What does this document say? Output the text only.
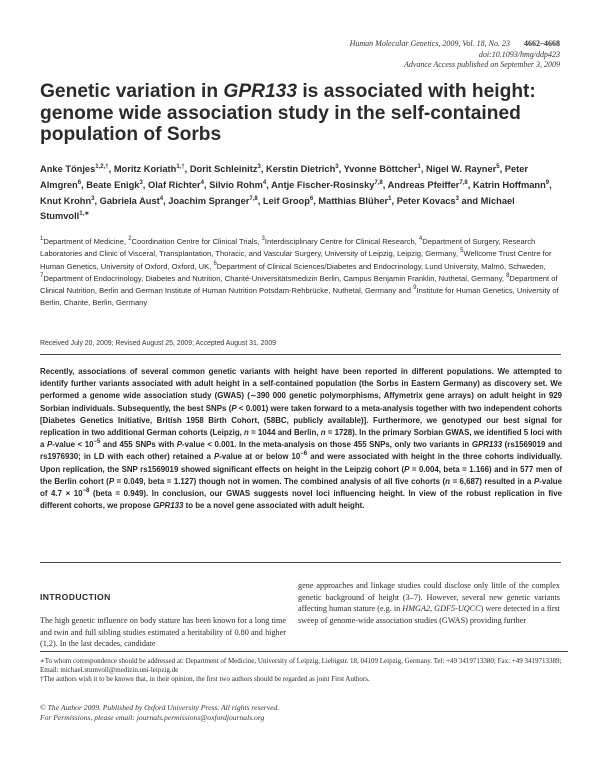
Human Molecular Genetics, 2009, Vol. 18, No. 23 4662–4668
doi:10.1093/hmg/ddp423
Advance Access published on September 3, 2009
Genetic variation in GPR133 is associated with height: genome wide association study in the self-contained population of Sorbs
Anke Tönjes$^{1,2,\dagger}$, Moritz Koriath$^{1,\dagger}$, Dorit Schleinitz$^3$, Kerstin Dietrich$^3$, Yvonne Böttcher$^1$, Nigel W. Rayner$^5$, Peter Almgren$^6$, Beate Enigk$^3$, Olaf Richter$^4$, Silvio Rohm$^4$, Antje Fischer-Rosinsky$^{7,8}$, Andreas Pfeiffer$^{7,8}$, Katrin Hoffmann$^9$, Knut Krohn$^3$, Gabriela Aust$^4$, Joachim Spranger$^{7,8}$, Leif Groop$^6$, Matthias Blüher$^1$, Peter Kovacs$^3$ and Michael Stumvoll$^{1,∗}$
$^1$Department of Medicine, $^2$Coordination Centre for Clinical Trials, $^3$Interdisciplinary Centre for Clinical Research, $^4$Department of Surgery, Research Laboratories and Clinic of Visceral, Transplantation, Thoracic, and Vascular Surgery, University of Leipzig, Leipzig, Germany, $^5$Wellcome Trust Centre for Human Genetics, University of Oxford, Oxford, UK, $^6$Department of Clinical Sciences/Diabetes and Endocrinology, Lund University, Malmö, Schweden, $^7$Department of Endocrinology, Diabetes and Nutrition, Charité-Universitätsmedizin Berlin, Campus Benjamin Franklin, Nuthetal, Germany, $^8$Department of Clinical Nutrition, Berlin and German Institute of Human Nutrition Potsdam-Rehbrücke, Nuthetal, Germany and $^9$Institute for Human Genetics, University of Berlin, Charite, Berlin, Germany
Received July 20, 2009; Revised August 25, 2009; Accepted August 31, 2009

Recently, associations of several common genetic variants with height have been reported in different populations. We attempted to identify further variants associated with adult height in a self-contained population (the Sorbs in Eastern Germany) as discovery set. We performed a genome wide association study (GWAS) (∼390 000 genetic polymorphisms, Affymetrix gene arrays) on adult height in 929 Sorbian individuals. Subsequently, the best SNPs (P < 0.001) were taken forward to a meta-analysis together with two independent cohorts [Diabetes Genetics Initiative, British 1958 Birth Cohort, (58BC, publicly available)]. Furthermore, we genotyped our best signal for replication in two additional German cohorts (Leipzig, n = 1044 and Berlin, n = 1728). In the primary Sorbian GWAS, we identified 5 loci with a P-value < $10^{-5}$ and 455 SNPs with P-value < 0.001. In the meta-analysis on those 455 SNPs, only two variants in GPR133 (rs1569019 and rs1976930; in LD with each other) retained a P-value at or below $10^{-6}$ and were associated with height in the three cohorts individually. Upon replication, the SNP rs1569019 showed significant effects on height in the Leipzig cohort (P = 0.004, beta = 1.166) and in 577 men of the Berlin cohort (P = 0.049, beta = 1.127) though not in women. The combined analysis of all five cohorts (n = 6,687) resulted in a P-value of $4.7 \times 10^{-8}$ (beta = 0.949). In conclusion, our GWAS suggests novel loci influencing height. In view of the robust replication in five different cohorts, we propose GPR133 to be a novel gene associated with adult height.

INTRODUCTION

The high genetic influence on body stature has been known for a long time and twin and full sibling studies estimated a heritability of 0.80 and higher (1,2). In the last decades, candidate

gene approaches and linkage studies could disclose only little of the complex genetic background of height (3–7). However, several new genetic variants affecting human stature (e.g. in HMGA2, GDF5-UQCC) were detected in a first sweep of genome-wide association studies (GWAS) providing further

∗To whom correspondence should be addressed at: Department of Medicine, University of Leipzig, Liebigstr. 18, 04109 Leipzig, Germany. Tel: +49 3419713380; Fax: +49 3419713389; Email: michael.stumvoll@medizin.uni-leipzig.de

†The authors wish it to be known that, in their opinion, the first two authors should be regarded as joint First Authors.

© The Author 2009. Published by Oxford University Press. All rights reserved.

For Permissions, please email: journals.permissions@oxfordjournals.org
